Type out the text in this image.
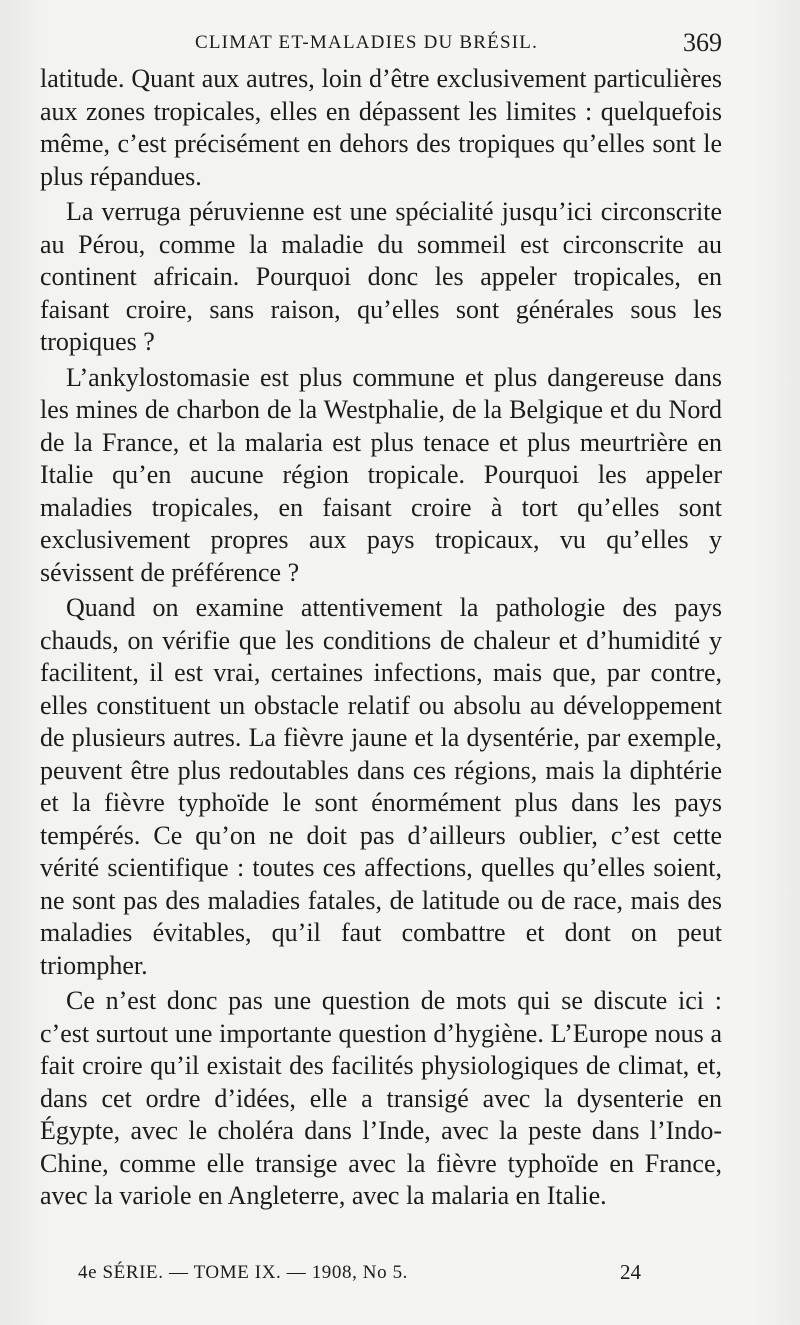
CLIMAT ET-MALADIES DU BRÉSIL.	369

latitude. Quant aux autres, loin d’être exclusivement particulières aux zones tropicales, elles en dépassent les limites : quelquefois même, c’est précisément en dehors des tropiques qu’elles sont le plus répandues.

La verruga péruvienne est une spécialité jusqu’ici circonscrite au Pérou, comme la maladie du sommeil est circonscrite au continent africain. Pourquoi donc les appeler tropicales, en faisant croire, sans raison, qu’elles sont générales sous les tropiques ?

L’ankylostomasie est plus commune et plus dangereuse dans les mines de charbon de la Westphalie, de la Belgique et du Nord de la France, et la malaria est plus tenace et plus meurtrière en Italie qu’en aucune région tropicale. Pourquoi les appeler maladies tropicales, en faisant croire à tort qu’elles sont exclusivement propres aux pays tropicaux, vu qu’elles y sévissent de préférence ?

Quand on examine attentivement la pathologie des pays chauds, on vérifie que les conditions de chaleur et d’humidité y facilitent, il est vrai, certaines infections, mais que, par contre, elles constituent un obstacle relatif ou absolu au développement de plusieurs autres. La fièvre jaune et la dysentérie, par exemple, peuvent être plus redoutables dans ces régions, mais la diphtérie et la fièvre typhoïde le sont énormément plus dans les pays tempérés. Ce qu’on ne doit pas d’ailleurs oublier, c’est cette vérité scientifique : toutes ces affections, quelles qu’elles soient, ne sont pas des maladies fatales, de latitude ou de race, mais des maladies évitables, qu’il faut combattre et dont on peut triompher.

Ce n’est donc pas une question de mots qui se discute ici : c’est surtout une importante question d’hygiène. L’Europe nous a fait croire qu’il existait des facilités physiologiques de climat, et, dans cet ordre d’idées, elle a transigé avec la dysenterie en Égypte, avec le choléra dans l’Inde, avec la peste dans l’Indo-Chine, comme elle transige avec la fièvre typhoïde en France, avec la variole en Angleterre, avec la malaria en Italie.

4e SÉRIE. — TOME IX. — 1908, No 5.	24
